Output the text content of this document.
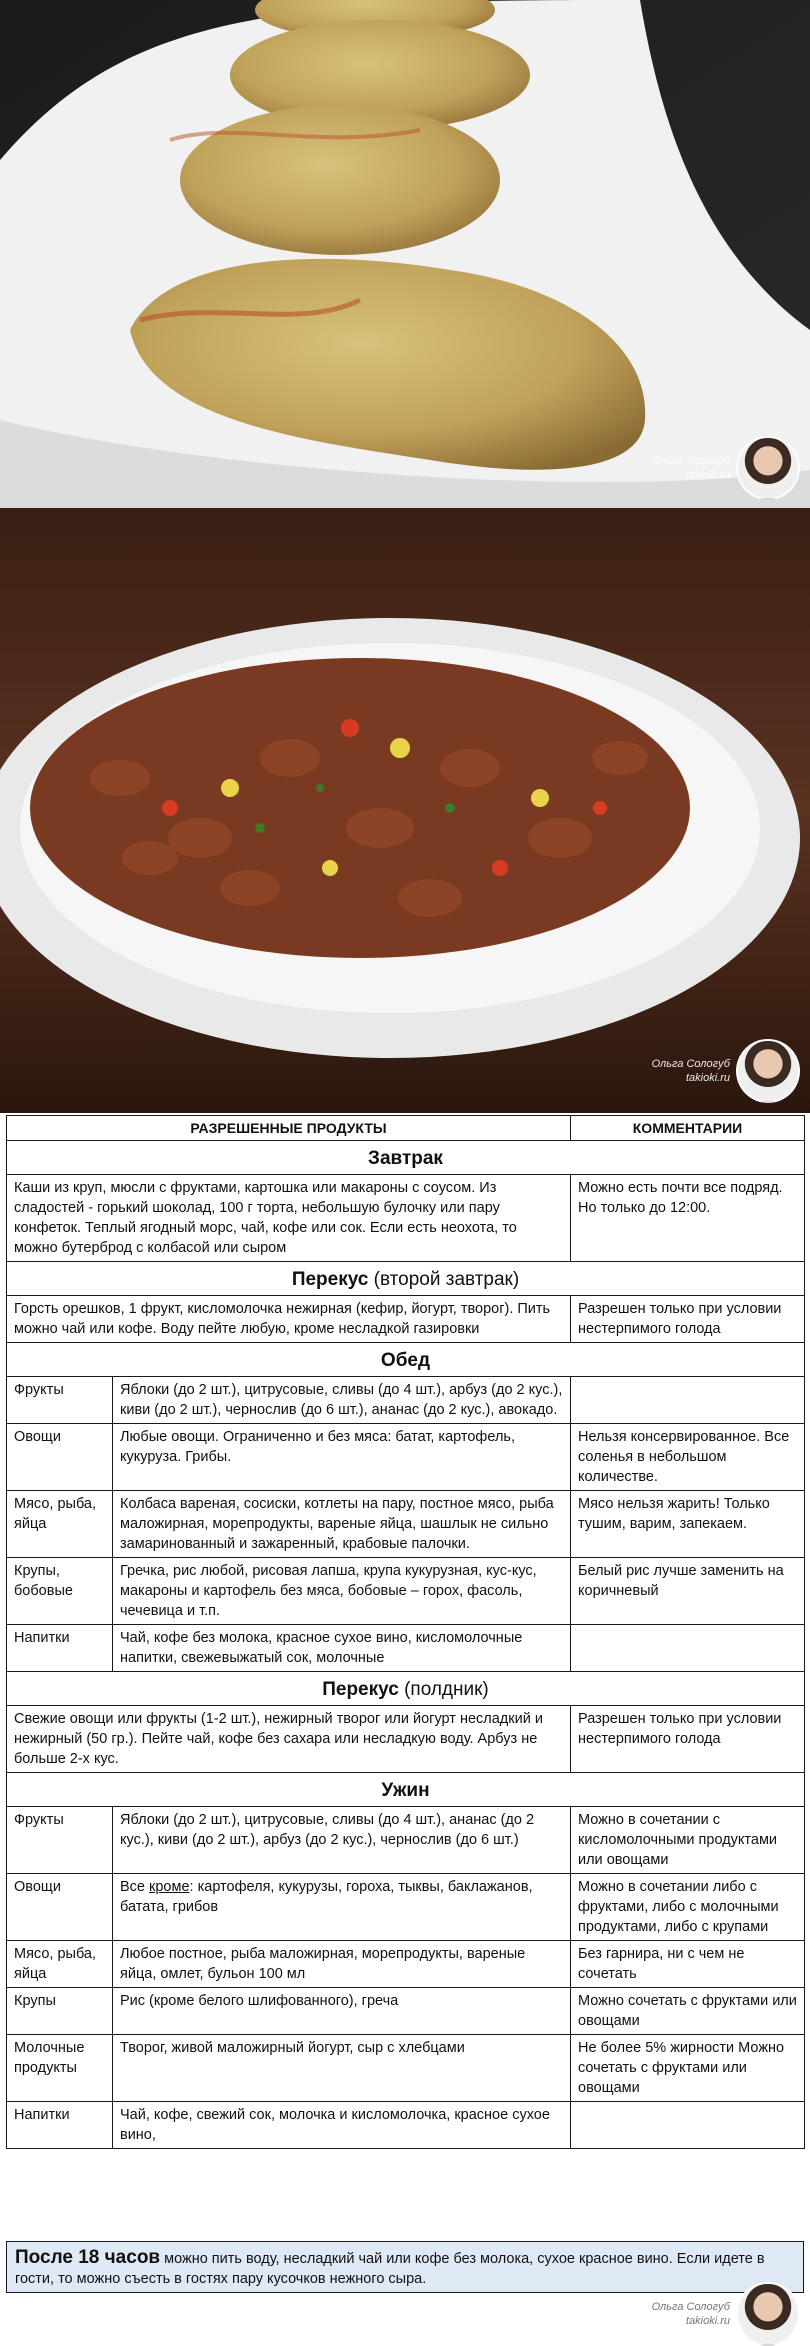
Ольга Сологуб
takioki.ru
Ольга Сологуб
takioki.ru
РАЗРЕШЕННЫЕ ПРОДУКТЫ		КОММЕНТАРИИ
Завтрак		
Каши из круп, мюсли с фруктами, картошка или макароны с соусом. Из сладостей - горький шоколад, 100 г торта, небольшую булочку или пару конфеток. Теплый ягодный морс, чай, кофе или сок. Если есть неохота, то можно бутерброд с колбасой или сыром		Можно есть почти все подряд. Но только до 12:00.
Перекус (второй завтрак)		
Горсть орешков, 1 фрукт, кисломолочка нежирная (кефир, йогурт, творог). Пить можно чай или кофе. Воду пейте любую, кроме несладкой газировки		Разрешен только при условии нестерпимого голода
Обед		
Фрукты	Яблоки (до 2 шт.), цитрусовые, сливы (до 4 шт.), арбуз (до 2 кус.), киви (до 2 шт.), чернослив (до 6 шт.), ананас (до 2 кус.), авокадо.	
Овощи	Любые овощи. Ограниченно и без мяса: батат, картофель, кукуруза. Грибы.	Нельзя консервированное. Все соленья в небольшом количестве.
Мясо, рыба, яйца	Колбаса вареная, сосиски, котлеты на пару, постное мясо, рыба маложирная, морепродукты, вареные яйца, шашлык не сильно замаринованный и зажаренный, крабовые палочки.	Мясо нельзя жарить! Только тушим, варим, запекаем.
Крупы, бобовые	Гречка, рис любой, рисовая лапша, крупа кукурузная, кус-кус, макароны и картофель без мяса, бобовые – горох, фасоль, чечевица и т.п.	Белый рис лучше заменить на коричневый
Напитки	Чай, кофе без молока, красное сухое вино, кисломолочные напитки, свежевыжатый сок, молочные	
Перекус (полдник)		
Свежие овощи или фрукты (1-2 шт.), нежирный творог или йогурт несладкий и нежирный (50 гр.). Пейте чай, кофе без сахара или несладкую воду. Арбуз не больше 2-х кус.		Разрешен только при условии нестерпимого голода
Ужин		
Фрукты	Яблоки (до 2 шт.), цитрусовые, сливы (до 4 шт.), ананас (до 2 кус.), киви (до 2 шт.), арбуз (до 2 кус.), чернослив (до 6 шт.)	Можно в сочетании с кисломолочными продуктами или овощами
Овощи	Все кроме: картофеля, кукурузы, гороха, тыквы, баклажанов, батата, грибов	Можно в сочетании либо с фруктами, либо с молочными продуктами, либо с крупами
Мясо, рыба, яйца	Любое постное, рыба маложирная, морепродукты, вареные яйца, омлет, бульон 100 мл	Без гарнира, ни с чем не сочетать
Крупы	Рис (кроме белого шлифованного), греча	Можно сочетать с фруктами или овощами
Молочные продукты	Творог, живой маложирный йогурт, сыр с хлебцами	Не более 5% жирности Можно сочетать с фруктами или овощами
Напитки	Чай, кофе, свежий сок, молочка и кисломолочка, красное сухое вино,	
После 18 часов можно пить воду, несладкий чай или кофе без молока, сухое красное вино. Если идете в гости, то можно съесть в гостях пару кусочков нежного сыра.
Ольга Сологуб
takioki.ru
